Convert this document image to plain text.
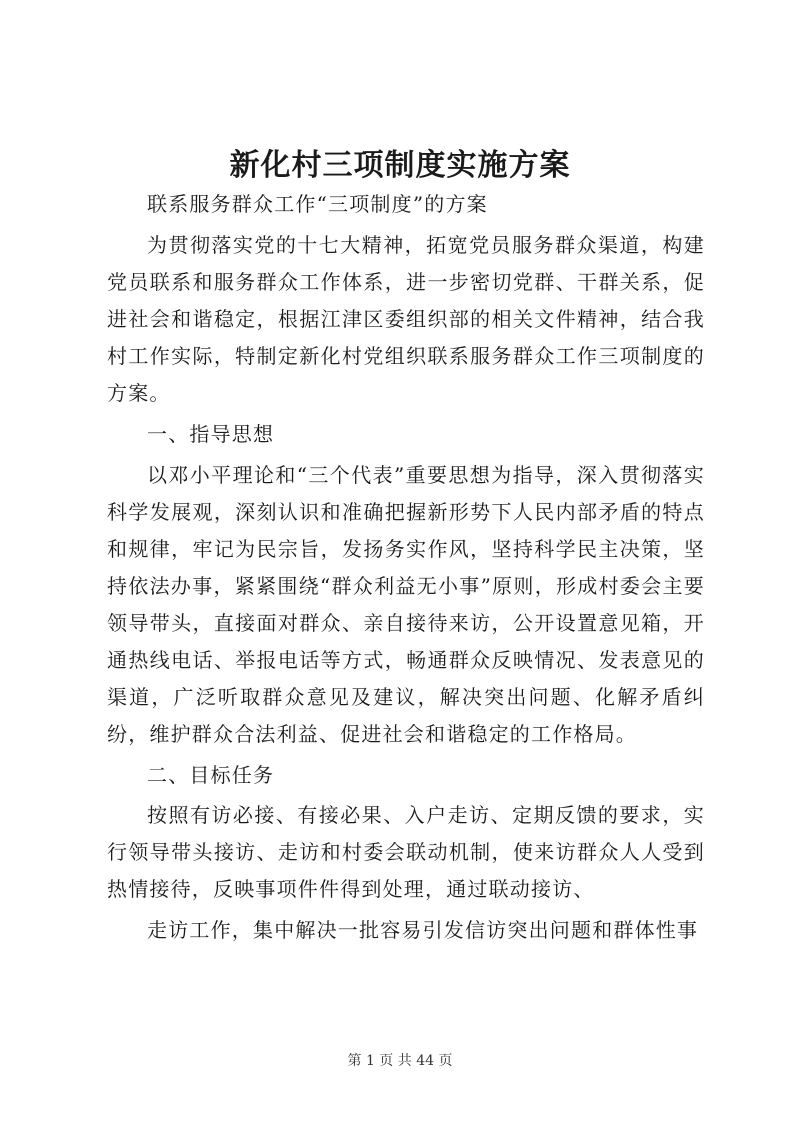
新化村三项制度实施方案

联系服务群众工作“三项制度”的方案

为贯彻落实党的十七大精神，拓宽党员服务群众渠道，构建党员联系和服务群众工作体系，进一步密切党群、干群关系，促进社会和谐稳定，根据江津区委组织部的相关文件精神，结合我村工作实际，特制定新化村党组织联系服务群众工作三项制度的方案。

一、指导思想

以邓小平理论和“三个代表”重要思想为指导，深入贯彻落实科学发展观，深刻认识和准确把握新形势下人民内部矛盾的特点和规律，牢记为民宗旨，发扬务实作风，坚持科学民主决策，坚持依法办事，紧紧围绕“群众利益无小事”原则，形成村委会主要领导带头，直接面对群众、亲自接待来访，公开设置意见箱，开通热线电话、举报电话等方式，畅通群众反映情况、发表意见的渠道，广泛听取群众意见及建议，解决突出问题、化解矛盾纠纷，维护群众合法利益、促进社会和谐稳定的工作格局。

二、目标任务

按照有访必接、有接必果、入户走访、定期反馈的要求，实行领导带头接访、走访和村委会联动机制，使来访群众人人受到热情接待，反映事项件件得到处理，通过联动接访、

走访工作，集中解决一批容易引发信访突出问题和群体性事

第 1 页 共 44 页
